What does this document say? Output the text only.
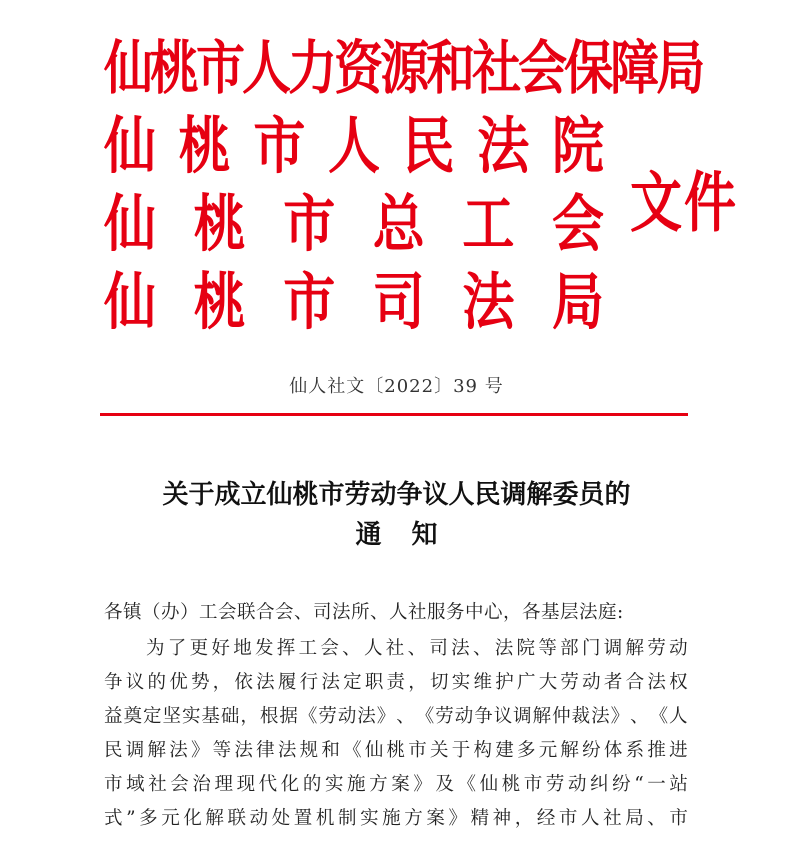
仙 桃 市 人 力 资 源 和 社 会 保 障 局
仙 桃 市 人 民 法 院
仙 桃 市 总 工 会
仙 桃 市 司 法 局
文件
仙人社文〔2022〕39 号
关于成立仙桃市劳动争议人民调解委员的
通知
各镇（办）工会联合会、司法所、人社服务中心，各基层法庭:
为 了 更 好 地 发 挥 工 会 、 人 社 、 司 法 、 法 院 等 部 门 调 解 劳 动
争 议 的 优 势 ， 依 法 履 行 法 定 职 责 ， 切 实 维 护 广 大 劳 动 者 合 法 权
益 奠 定 坚 实 基 础 ， 根 据 《 劳 动 法 》 、 《 劳 动 争 议 调 解 仲 裁 法 》 、 《 人
民 调 解 法 》 等 法 律 法 规 和 《 仙 桃 市 关 于 构 建 多 元 解 纷 体 系 推 进
市 域 社 会 治 理 现 代 化 的 实 施 方 案 》 及 《 仙 桃 市 劳 动 纠 纷 “ 一 站
式 ” 多 元 化 解 联 动 处 置 机 制 实 施 方 案 》 精 神 ， 经 市 人 社 局 、 市
